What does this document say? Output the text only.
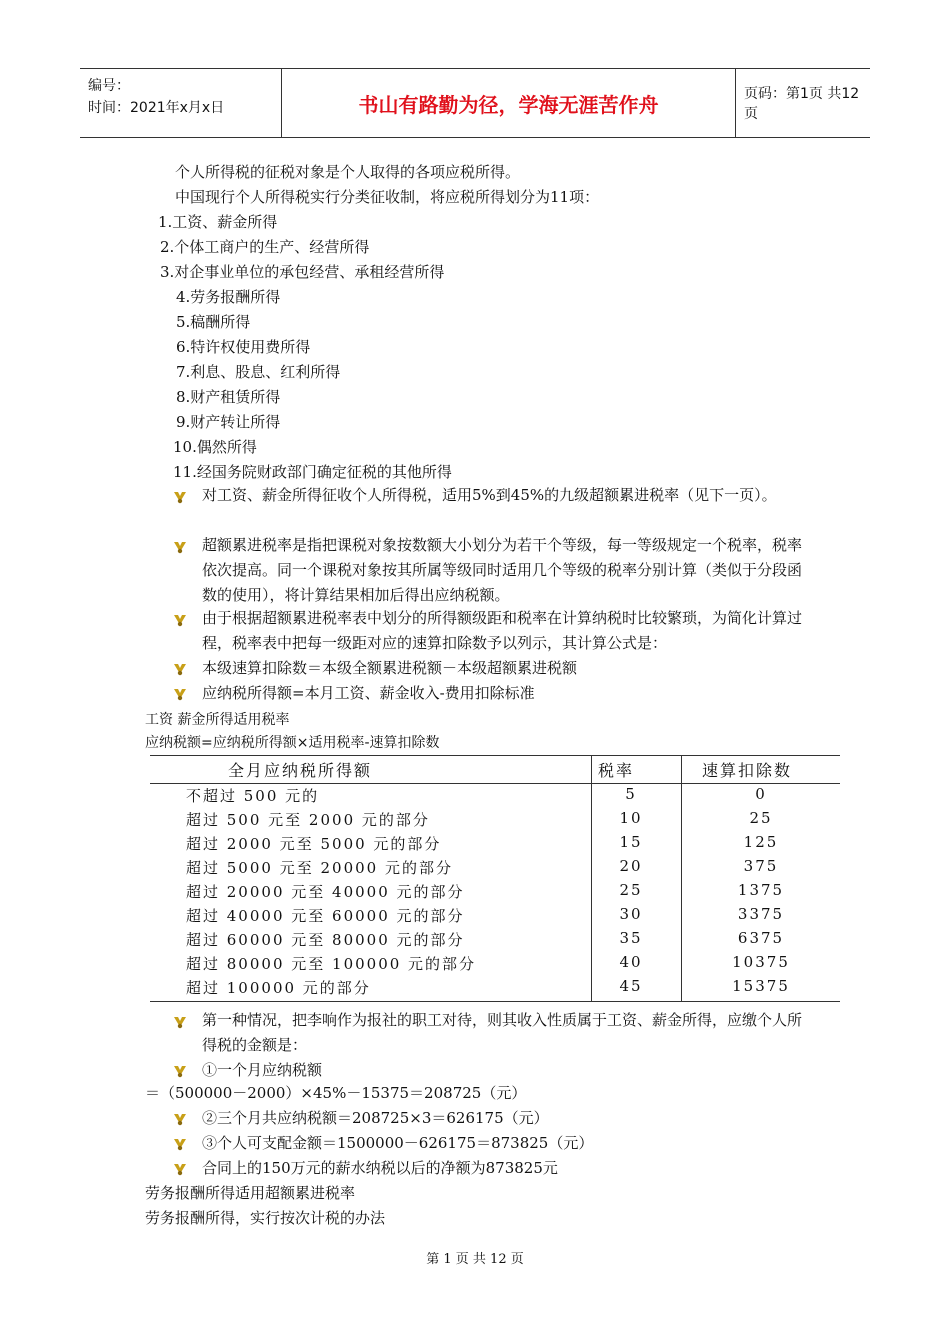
编号：
时间：2021年x月x日	书山有路勤为径，学海无涯苦作舟	页码：第1页 共12页
个人所得税的征税对象是个人取得的各项应税所得。
中国现行个人所得税实行分类征收制，将应税所得划分为11项：
1.工资、薪金所得
2.个体工商户的生产、经营所得
3.对企事业单位的承包经营、承租经营所得
4.劳务报酬所得
5.稿酬所得
6.特许权使用费所得
7.利息、股息、红利所得
8.财产租赁所得
9.财产转让所得
10.偶然所得
11.经国务院财政部门确定征税的其他所得
对工资、薪金所得征收个人所得税，适用5%到45%的九级超额累进税率（见下一页）。
超额累进税率是指把课税对象按数额大小划分为若干个等级，每一等级规定一个税率，税率依次提高。同一个课税对象按其所属等级同时适用几个等级的税率分别计算（类似于分段函数的使用），将计算结果相加后得出应纳税额。
由于根据超额累进税率表中划分的所得额级距和税率在计算纳税时比较繁琐，为简化计算过程，税率表中把每一级距对应的速算扣除数予以列示，其计算公式是：
本级速算扣除数＝本级全额累进税额－本级超额累进税额
应纳税所得额=本月工资、薪金收入-费用扣除标准
工资 薪金所得适用税率
应纳税额=应纳税所得额×适用税率-速算扣除数
全月应纳税所得额	税率	速算扣除数
不超过 500 元的	5	0
超过 500 元至 2000 元的部分	10	25
超过 2000 元至 5000 元的部分	15	125
超过 5000 元至 20000 元的部分	20	375
超过 20000 元至 40000 元的部分	25	1375
超过 40000 元至 60000 元的部分	30	3375
超过 60000 元至 80000 元的部分	35	6375
超过 80000 元至 100000 元的部分	40	10375
超过 100000 元的部分	45	15375
第一种情况，把李响作为报社的职工对待，则其收入性质属于工资、薪金所得，应缴个人所得税的金额是：
①一个月应纳税额
＝（500000－2000）×45%－15375＝208725（元）
②三个月共应纳税额＝208725×3＝626175（元）
③个人可支配金额＝1500000－626175＝873825（元）
合同上的150万元的薪水纳税以后的净额为873825元
劳务报酬所得适用超额累进税率
劳务报酬所得，实行按次计税的办法
第 1 页 共 12 页
